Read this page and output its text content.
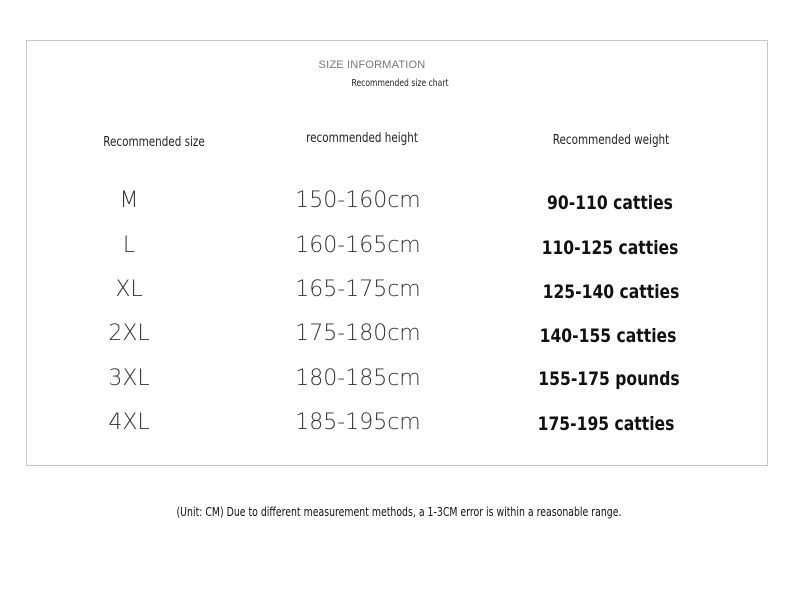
SIZE INFORMATION
Recommended size chart
Recommended size	recommended height	Recommended weight
M	150-160cm	90-110 catties
L	160-165cm	110-125 catties
XL	165-175cm	125-140 catties
2XL	175-180cm	140-155 catties
3XL	180-185cm	155-175 pounds
4XL	185-195cm	175-195 catties
(Unit: CM) Due to different measurement methods, a 1-3CM error is within a reasonable range.
